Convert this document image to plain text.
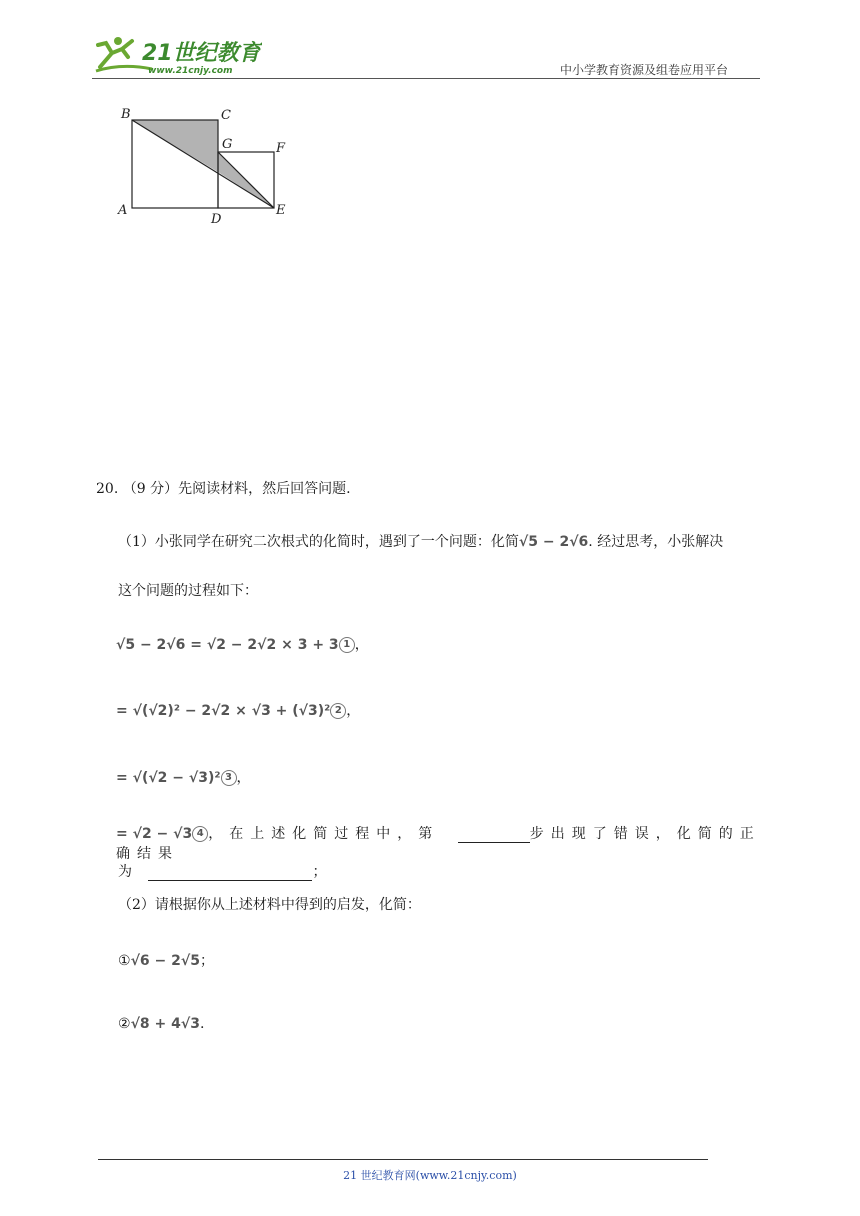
21世纪教育
www.21cnjy.com	中小学教育资源及组卷应用平台
B	C
G	F
A
D
E
20. （9 分）先阅读材料，然后回答问题.
（1）小张同学在研究二次根式的化简时，遇到了一个问题：化简√5 − 2√6. 经过思考，小张解决
这个问题的过程如下：
√5 − 2√6 = √2 − 2√2 × 3 + 3 1 ，
= √(√2)² − 2√2 × √3 + (√3)² 2 ，
= √(√2 − √3)² 3 ，
= √2 − √3 4 ，在上述化简过程中，第	步出现了错误，化简的正确结果
为	；
（2）请根据你从上述材料中得到的启发，化简：
①√6 − 2√5；
②√8 + 4√3.
21 世纪教育网(www.21cnjy.com)
